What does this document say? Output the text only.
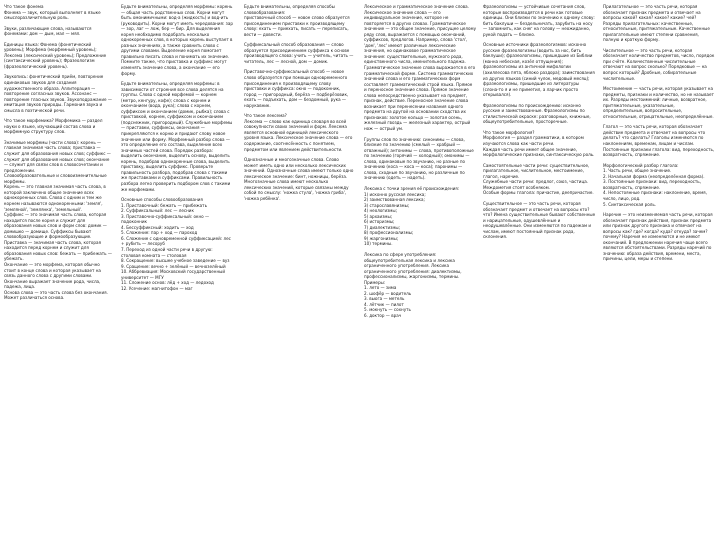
Что такое фонема
Фонема — звук, который выполняет в языке смыслоразличительную роль.

Звуки, различающие слова, называются фонемами: дом — дым, мал — мял.

Единицы языка: Фонема (фонетический уровень); Морфема (морфемный уровень); Лексема (лексический уровень); Предложение (синтаксический уровень); Фразеологизм (фразеологический уровень).

Звукопись: фонетический приём, повторение одинаковых звуков для создания художественного образа. Аллитерация — повторение согласных звуков. Ассонанс — повторение гласных звуков. Звукоподражание — имитация звуков природы. Гармония звука и смысла в поэтической речи.

Что такое морфемика? Морфемика — раздел науки о языке, изучающий состав слова и морфемную структуру слов.

Значимые морфемы (части слова): корень — главная значимая часть слова; приставка — служит для образования новых слов; суффикс — служит для образования новых слов; окончание — служит для связи слов в словосочетании и предложении.
Словообразовательные и словоизменительные морфемы.
Корень — это главная значимая часть слова, в которой заключено общее значение всех однокоренных слов. Слова с одним и тем же корнем называются однокоренными: 'земля', 'земляной', 'землянка', 'земельный'.
Суффикс — это значимая часть слова, которая находится после корня и служит для образования новых слов и форм слов: домик — домишко — домище. Суффиксы бывают словообразующие и формообразующие.
Приставка — значимая часть слова, которая находится перед корнем и служит для образования новых слов: бежать — прибежать — убежать.
Окончание — это морфема, которая обычно стоит в конце слова и которая указывает на связь данного слова с другими словами. Окончание выражает значение рода, числа, падежа, лица.
Основа слова — это часть слова без окончания. Может различаться основа.

Будьте внимательны, определяя морфемы: корень — общая часть родственных слов. Корни могут быть омонимичными: вод-а (жидкость) и вод-ить (руководить). Корни могут иметь чередования: зар — зор, лаг — лож, бер — бир. Для выделения корня необходимо подобрать несколько однокоренных слов, в которых корень выступает в разных значениях, а также сравнить слово с другими словами. Выделение корня помогает правильно писать слова и понимать их значение. Помните также, что приставка и суффикс могут изменять значение слова, а окончание — его форму.

Будьте внимательны, определяя морфемы: в зависимости от строения все слова делятся на группы. Слова с одной морфемой — корнем (метро, кенгуру, кофе); слова с корнем и окончанием (вода, рука); слова с корнем, суффиксом и окончанием (домик, рыбка); слова с приставкой, корнем, суффиксом и окончанием (подснежник, пригородный). Служебные морфемы — приставки, суффиксы, окончания — прикрепляются к корню и придают слову новое значение или форму. Морфемный разбор слова — это определение его состава, выделение всех значимых частей слова. Порядок разбора: выделить окончание, выделить основу, выделить корень, подобрав однокоренные слова, выделить приставку, выделить суффикс. Проверьте правильность разбора, подобрав слова с такими же приставками и суффиксами. Правильность разбора легко проверить подбором слов с такими же морфемами.

Основные способы словообразования
1. Приставочный: бежать — прибежать
2. Суффиксальный: лес — лесник
3. Приставочно-суффиксальный: окно — подоконник
4. Бессуффиксный: ходить — ход
5. Сложение: пар + ход — пароход
6. Сложение с одновременной суффиксацией: лес + рубить — лесоруб
7. Переход из одной части речи в другую: столовая комната — столовая
8. Сокращение: высшее учебное заведение — вуз
9. Сращение: вечно + зелёный — вечнозелёный
10. Аббревиация: Московский государственный университет — МГУ
11. Сложение основ: лёд + ход — ледоход
12. Усечение: магнитофон — маг

Будьте внимательны, определяя способы словообразования:
приставочный способ — новое слово образуется присоединением приставки к производящему слову: ехать — приехать, писать — переписать, вести — довести.

Суффиксальный способ образования — слово образуется присоединением суффикса к основе производящего слова: учить — учитель, читать — читатель, лес — лесной, дом — домик.

Приставочно-суффиксальный способ — новое слово образуется при помощи одновременного присоединения к производящему слову приставки и суффикса: окно — подоконник, город — пригородный, берёза — подберёзовик, ехать — подъехать, дом — бездомный, рука — нарукавник.

Что такое лексема?
Лексема — слово как единица словаря во всей совокупности своих значений и форм. Лексема является основной единицей лексического уровня языка. Лексическое значение слова — его содержание, соотнесённость с понятием, предметом или явлением действительности.

Однозначные и многозначные слова. Слово может иметь одно или несколько лексических значений. Однозначные слова имеют только одно лексическое значение: бинт, ножницы, берёза. Многозначные слова имеют несколько лексических значений, которые связаны между собой по смыслу: 'ножка стула', 'ножка гриба', 'ножка ребёнка'.

Лексическое и грамматическое значение слова. Лексическое значение слова — его индивидуальное значение, которое не повторяется в других словах. Грамматическое значение — это общее значение, присущее целому ряду слов, выражается с помощью окончаний, суффиксов, предлогов. Например, слова 'стол', 'дом', 'лес' имеют различные лексические значения, но одинаковое грамматическое значение: существительные, мужского рода, единственного числа, именительного падежа. Грамматическое значение слова выражается в его грамматической форме. Система грамматических значений слова и его грамматических форм составляет грамматический строй языка. Прямое и переносное значение слова. Прямое значение слова непосредственно указывает на предмет, признак, действие. Переносное значение слова возникает при перенесении названия одного предмета на другой на основании сходства их признаков: золотое кольцо — золотая осень, железный гвоздь — железный характер, острый нож — острый ум.

Группы слов по значению: синонимы — слова, близкие по значению (смелый — храбрый — отважный); антонимы — слова, противоположные по значению (горячий — холодный); омонимы — слова, одинаковые по звучанию, но разные по значению (коса — коса — коса); паронимы — слова, сходные по звучанию, но различные по значению (одеть — надеть).

Лексика с точки зрения её происхождения:
1) исконно русская лексика;
2) заимствованная лексика;
3) старославянизмы;
4) неологизмы;
5) архаизмы;
6) историзмы;
7) диалектизмы;
8) профессионализмы;
9) жаргонизмы;
10) термины.

Лексика по сфере употребления: общеупотребительная лексика и лексика ограниченного употребления. Лексика ограниченного употребления: диалектизмы, профессионализмы, жаргонизмы, термины.
Примеры:
1. лето — зима
2. шофёр — водитель
3. вьюга — метель
4. лётчик — пилот
5. мокнуть — сохнуть
6. доктор — врач

Фразеологизмы — устойчивые сочетания слов, которые воспроизводятся в речи как готовые единицы. Они близки по значению к одному слову: бить баклуши — бездельничать, зарубить на носу — запомнить, как снег на голову — неожиданно, рукой подать — близко.

Основные источники фразеологизмов: исконно русские фразеологизмы (водить за нос, бить баклуши); фразеологизмы, пришедшие из Библии (манна небесная, козёл отпущения); фразеологизмы из античной мифологии (ахиллесова пята, яблоко раздора); заимствования из других языков (синий чулок, медовый месяц); фразеологизмы, пришедшие из литературы (слона-то я и не приметил, а ларчик просто открывался).

Фразеологизмы по происхождению: исконно русские и заимствованные. Фразеологизмы по стилистической окраске: разговорные, книжные, общеупотребительные, просторечные.

Что такое морфология?
Морфология — раздел грамматики, в котором изучаются слова как части речи.
Каждая часть речи имеет общее значение, морфологические признаки, синтаксическую роль.

Самостоятельные части речи: существительное, прилагательное, числительное, местоимение, глагол, наречие.
Служебные части речи: предлог, союз, частица.
Междометия стоят особняком.
Особые формы глагола: причастие, деепричастие.

Существительное — это часть речи, которая обозначает предмет и отвечает на вопросы кто? что? Имена существительные бывают собственные и нарицательные, одушевлённые и неодушевлённые. Они изменяются по падежам и числам, имеют постоянный признак рода, склонения.

Прилагательное — это часть речи, которая обозначает признак предмета и отвечает на вопросы какой? какая? какое? какие? чей? Разряды прилагательных: качественные, относительные, притяжательные. Качественные прилагательные имеют степени сравнения, полную и краткую форму.

Числительное — это часть речи, которая обозначает количество предметов, число, порядок при счёте. Количественные числительные отвечают на вопрос сколько? Порядковые — на вопрос который? Дробные, собирательные числительные.

Местоимение — часть речи, которая указывает на предметы, признаки и количество, но не называет их. Разряды местоимений: личные, возвратное, притяжательные, указательные, определительные, вопросительные, относительные, отрицательные, неопределённые.

Глагол — это часть речи, которая обозначает действие предмета и отвечает на вопросы что делать? что сделать? Глаголы изменяются по наклонениям, временам, лицам и числам. Постоянные признаки глагола: вид, переходность, возвратность, спряжение.

Морфологический разбор глагола:
1. Часть речи, общее значение.
2. Начальная форма (неопределённая форма).
3. Постоянные признаки: вид, переходность, возвратность, спряжение.
4. Непостоянные признаки: наклонение, время, число, лицо, род.
5. Синтаксическая роль.

Наречие — это неизменяемая часть речи, которая обозначает признак действия, признак предмета или признак другого признака и отвечает на вопросы как? где? когда? куда? откуда? зачем? почему? Наречия не изменяются и не имеют окончаний. В предложении наречия чаще всего являются обстоятельствами. Разряды наречий по значению: образа действия, времени, места, причины, цели, меры и степени.
